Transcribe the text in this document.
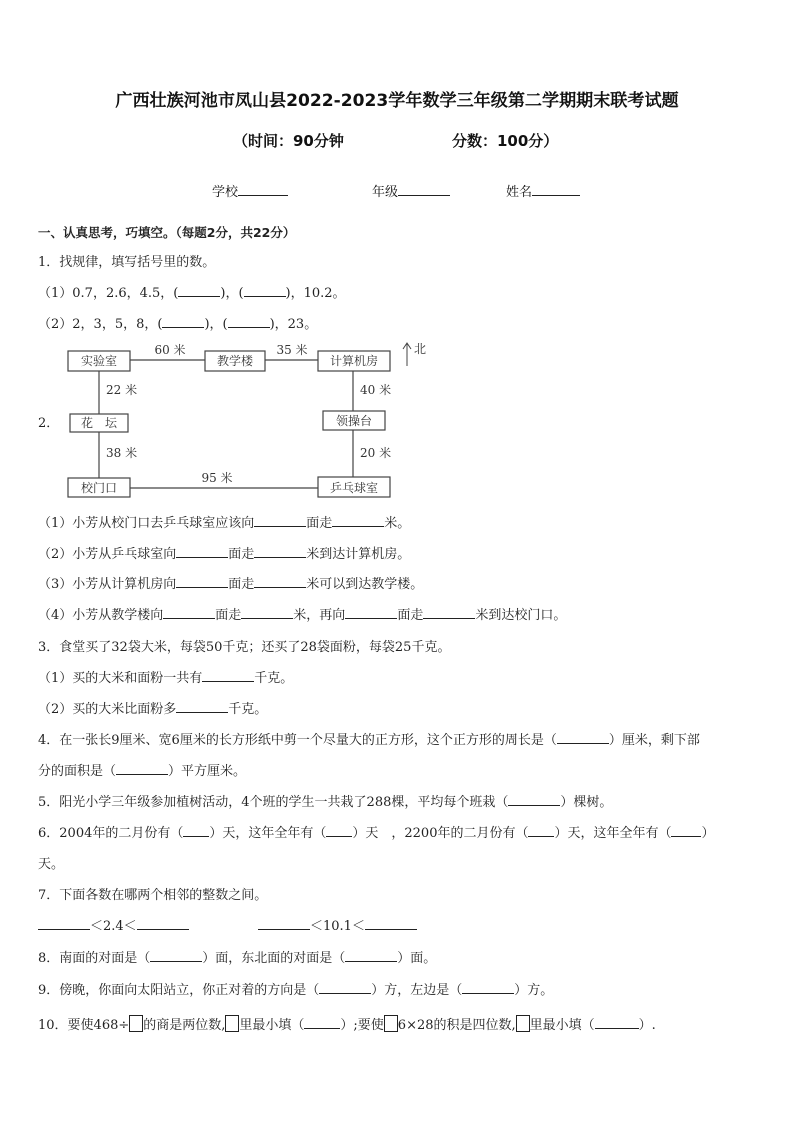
广西壮族河池市凤山县2022-2023学年数学三年级第二学期期末联考试题
（时间：90分钟	分数：100分）
学校	年级	姓名
一、认真思考，巧填空。（每题2分，共22分）
1．找规律，填写括号里的数。
（1）0.7，2.6，4.5，(	)，(	)，10.2。
（2）2，3，5，8，(	)，(	)，23。
2．
实验室	教学楼	计算机房
花　坛	领操台
校门口	乒乓球室
60 米	35 米
22 米	40 米
38 米	20 米
95 米
北
（1）小芳从校门口去乒乓球室应该向	面走	米。
（2）小芳从乒乓球室向	面走	米到达计算机房。
（3）小芳从计算机房向	面走	米可以到达教学楼。
（4）小芳从教学楼向	面走	米，再向	面走	米到达校门口。
3．食堂买了32袋大米，每袋50千克；还买了28袋面粉，每袋25千克。
（1）买的大米和面粉一共有	千克。
（2）买的大米比面粉多	千克。
4．在一张长9厘米、宽6厘米的长方形纸中剪一个尽量大的正方形，这个正方形的周长是（	）厘米，剩下部
分的面积是（	）平方厘米。
5．阳光小学三年级参加植树活动，4个班的学生一共栽了288棵，平均每个班栽（	）棵树。
6．2004年的二月份有（ ）天，这年全年有（ ）天　，2200年的二月份有（ ）天，这年全年有（ ）
天。
7．下面各数在哪两个相邻的整数之间。
＜2.4＜	＜10.1＜
8．南面的对面是（	）面，东北面的对面是（	）面。
9．傍晚，你面向太阳站立，你正对着的方向是（	）方，左边是（	）方。
10．要使468÷ 的商是两位数, 里最小填（	）;要使 6×28的积是四位数, 里最小填（	）.
